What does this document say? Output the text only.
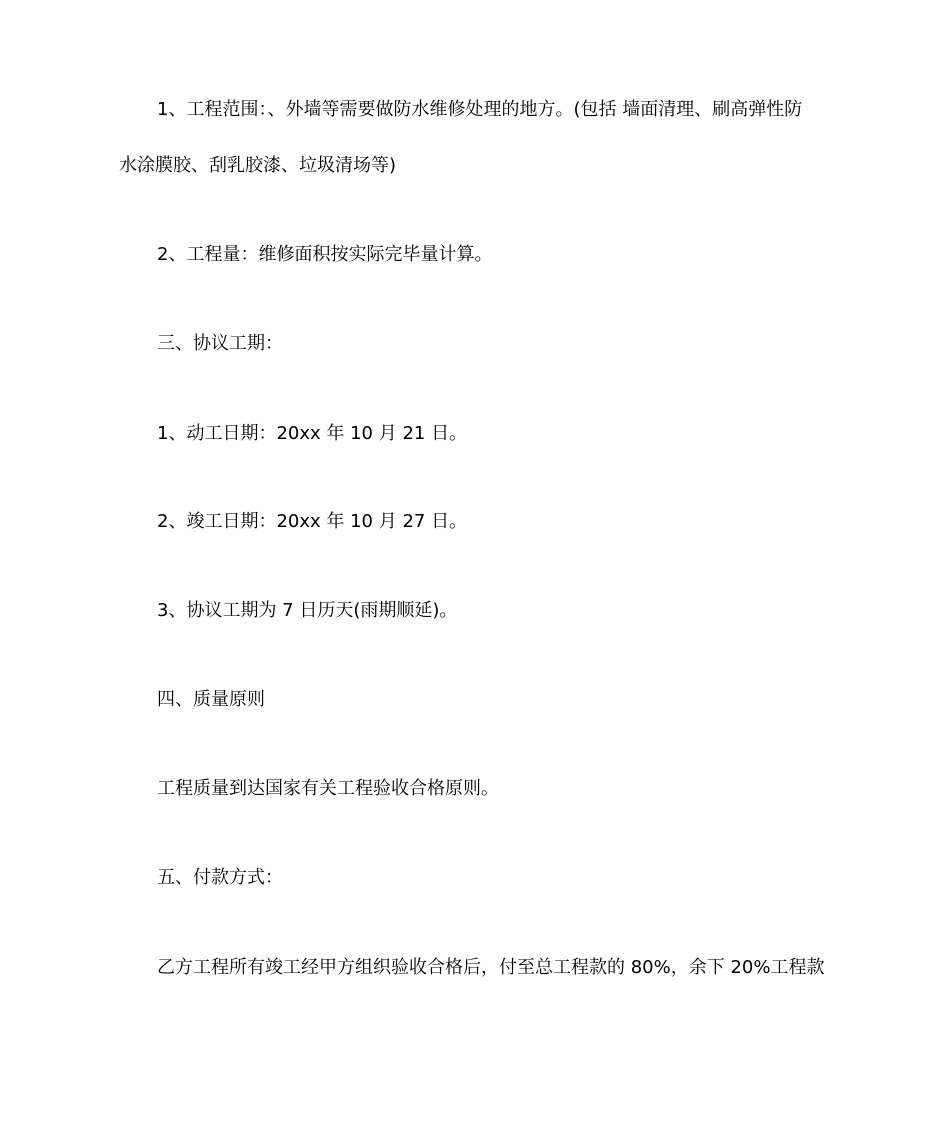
1、工程范围：、外墙等需要做防水维修处理的地方。(包括 墙面清理、刷高弹性防

水涂膜胶、刮乳胶漆、垃圾清场等)

2、工程量：维修面积按实际完毕量计算。

三、协议工期：

1、动工日期：20xx 年 10 月 21 日。

2、竣工日期：20xx 年 10 月 27 日。

3、协议工期为 7 日历天(雨期顺延)。

四、质量原则

工程质量到达国家有关工程验收合格原则。

五、付款方式：

乙方工程所有竣工经甲方组织验收合格后，付至总工程款的 80%，余下 20%工程款
